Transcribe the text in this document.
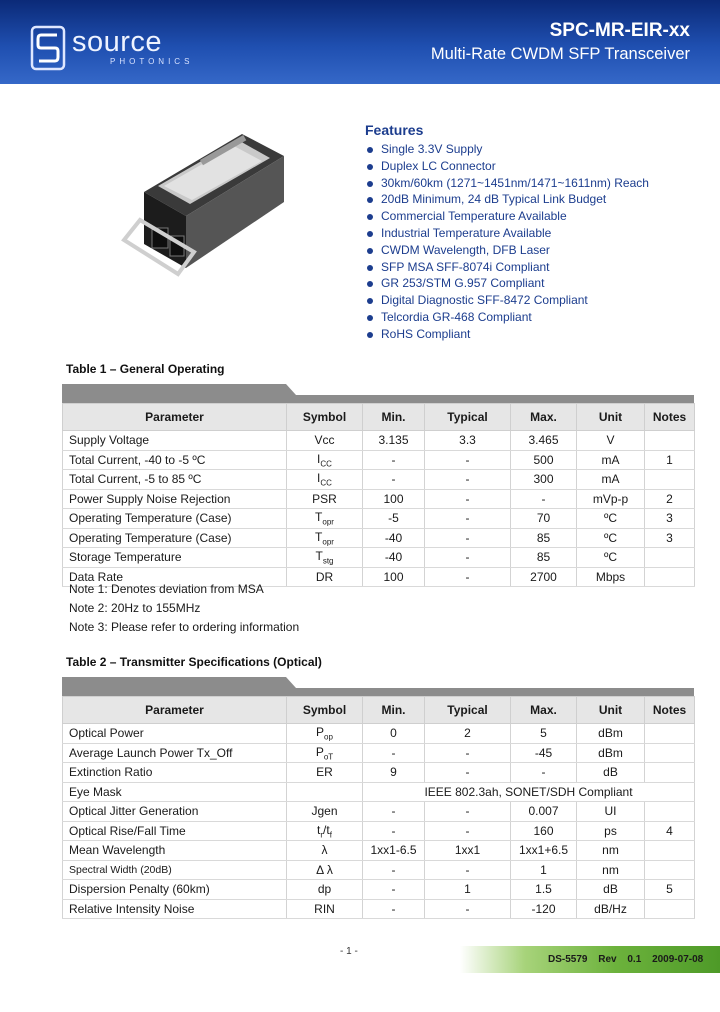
source
PHOTONICS
SPC-MR-EIR-xx
Multi-Rate CWDM SFP Transceiver
Features
Single 3.3V Supply
Duplex LC Connector
30km/60km (1271~1451nm/1471~1611nm) Reach
20dB Minimum, 24 dB Typical Link Budget
Commercial Temperature Available
Industrial Temperature Available
CWDM Wavelength, DFB Laser
SFP MSA SFF-8074i Compliant
GR 253/STM G.957 Compliant
Digital Diagnostic SFF-8472 Compliant
Telcordia GR-468 Compliant
RoHS Compliant
Table 1 – General Operating
Parameter	Symbol	Min.	Typical	Max.	Unit	Notes
Supply Voltage	Vcc	3.135	3.3	3.465	V	
Total Current, -40 to -5 ºC	$I_{CC}$	-	-	500	mA	1
Total Current, -5 to 85 ºC	$I_{CC}$	-	-	300	mA	
Power Supply Noise Rejection	PSR	100	-	-	mVp-p	2
Operating Temperature (Case)	$T_{opr}$	-5	-	70	ºC	3
Operating Temperature (Case)	$T_{opr}$	-40	-	85	ºC	3
Storage Temperature	$T_{stg}$	-40	-	85	ºC	
Data Rate	DR	100	-	2700	Mbps	
Note 1: Denotes deviation from MSA
Note 2: 20Hz to 155MHz
Note 3: Please refer to ordering information
Table 2 – Transmitter Specifications (Optical)
Parameter	Symbol	Min.	Typical	Max.	Unit	Notes
Optical Power	$P_{op}$	0	2	5	dBm	
Average Launch Power Tx_Off	$P_{oT}$	-	-	-45	dBm	
Extinction Ratio	ER	9	-	-	dB	
Eye Mask		IEEE 802.3ah, SONET/SDH Compliant				
Optical Jitter Generation	Jgen	-	-	0.007	UI	
Optical Rise/Fall Time	$t_r/t_f$	-	-	160	ps	4
Mean Wavelength	λ	1xx1-6.5	1xx1	1xx1+6.5	nm	
Spectral Width (20dB)	Δ λ	-	-	1	nm	
Dispersion Penalty (60km)	dp	-	1	1.5	dB	5
Relative Intensity Noise	RIN	-	-	-120	dB/Hz	
- 1 -
DS-5579 Rev 0.1 2009-07-08
